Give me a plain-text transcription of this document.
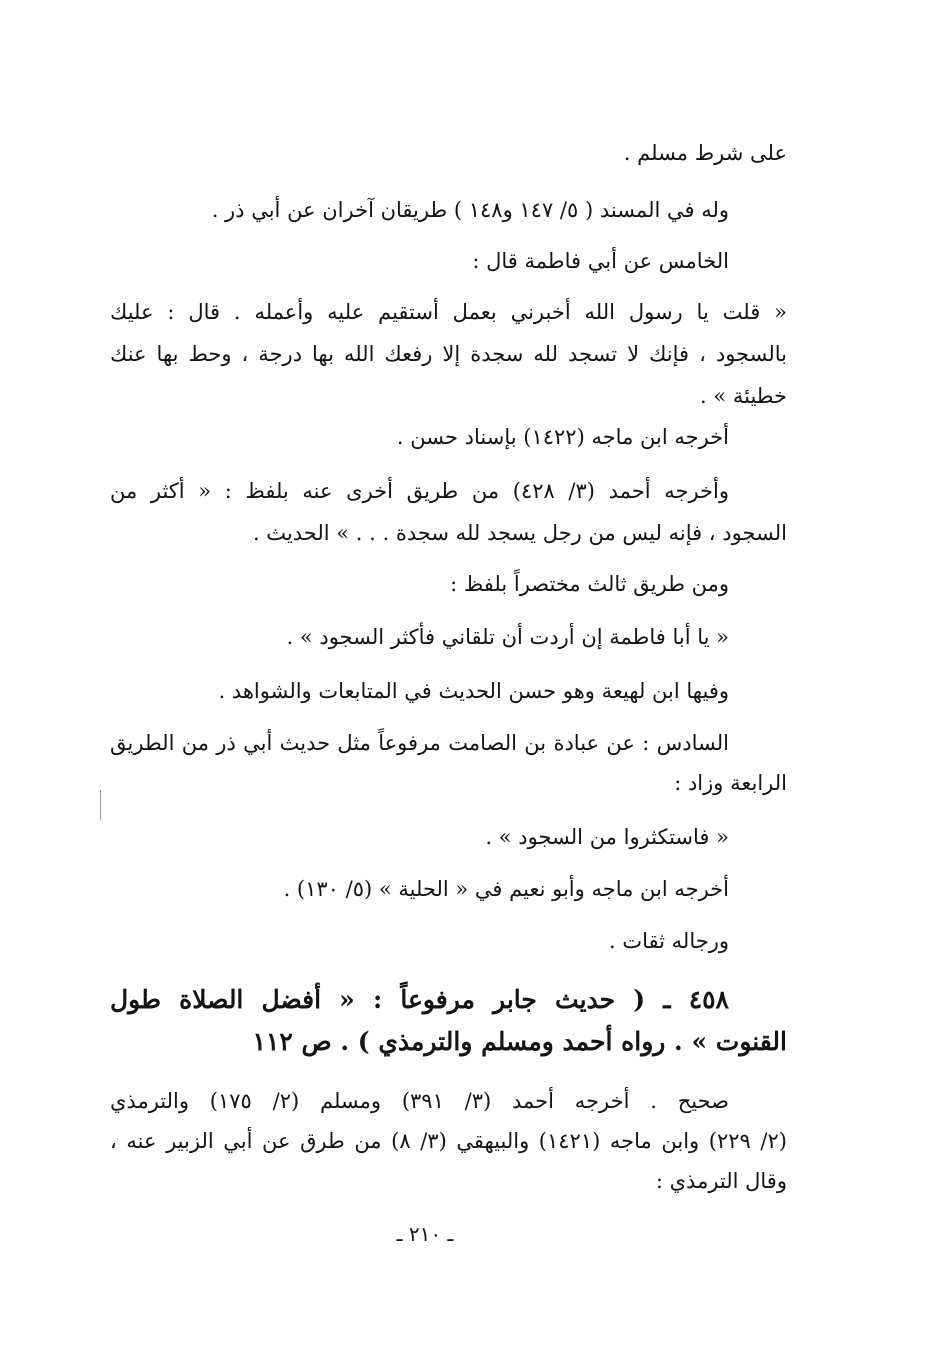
على شرط مسلم .
وله في المسند ( ٥/ ١٤٧ و١٤٨ ) طريقان آخران عن أبي ذر .
الخامس عن أبي فاطمة قال :
« قلت يا رسول الله أخبرني بعمل أستقيم عليه وأعمله . قال : عليك
بالسجود ، فإنك لا تسجد لله سجدة إلا رفعك الله بها درجة ، وحط بها عنك
خطيئة » .
أخرجه ابن ماجه (١٤٢٢) بإسناد حسن .
وأخرجه أحمد (٣/ ٤٢٨) من طريق أخرى عنه بلفظ : « أكثر من
السجود ، فإنه ليس من رجل يسجد لله سجدة . . . » الحديث .
ومن طريق ثالث مختصراً بلفظ :
« يا أبا فاطمة إن أردت أن تلقاني فأكثر السجود » .
وفيها ابن لهيعة وهو حسن الحديث في المتابعات والشواهد .
السادس : عن عبادة بن الصامت مرفوعاً مثل حديث أبي ذر من الطريق
الرابعة وزاد :
« فاستكثروا من السجود » .
أخرجه ابن ماجه وأبو نعيم في « الحلية » (٥/ ١٣٠) .
ورجاله ثقات .
٤٥٨ ـ ( حديث جابر مرفوعاً : « أفضل الصلاة طول
القنوت » . رواه أحمد ومسلم والترمذي ) . ص ١١٢
صحيح . أخرجه أحمد (٣/ ٣٩١) ومسلم (٢/ ١٧٥) والترمذي
(٢/ ٢٢٩) وابن ماجه (١٤٢١) والبيهقي (٣/ ٨) من طرق عن أبي الزبير عنه ،
وقال الترمذي :
ـ ٢١٠ ـ
